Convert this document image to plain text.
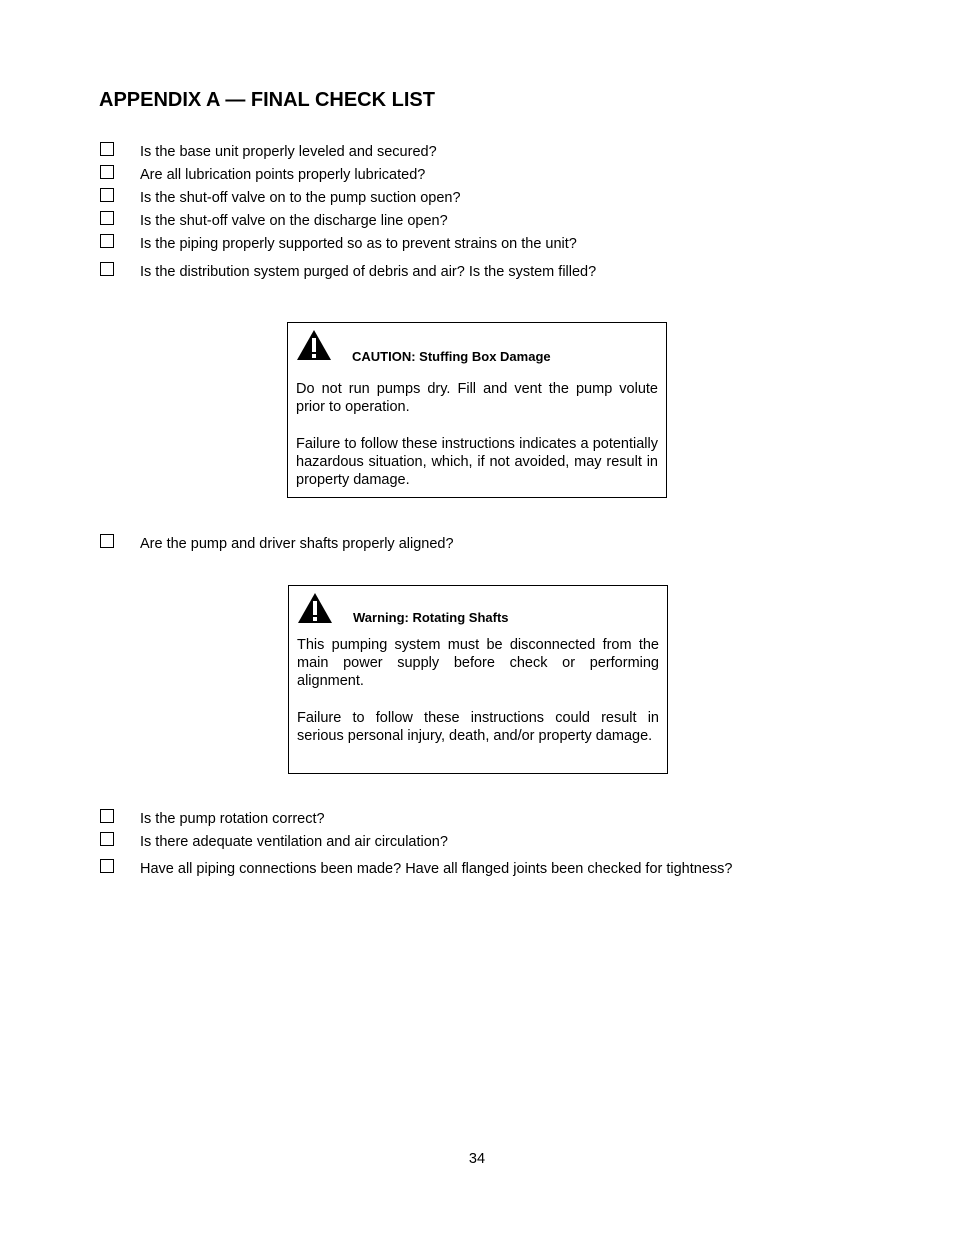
APPENDIX A — FINAL CHECK LIST
Is the base unit properly leveled and secured?
Are all lubrication points properly lubricated?
Is the shut-off valve on to the pump suction open?
Is the shut-off valve on the discharge line open?
Is the piping properly supported so as to prevent strains on the unit?
Is the distribution system purged of debris and air? Is the system filled?
CAUTION: Stuffing Box Damage
Do not run pumps dry. Fill and vent the pump volute prior to operation.
Failure to follow these instructions indicates a potentially hazardous situation, which, if not avoided, may result in property damage.
Are the pump and driver shafts properly aligned?
Warning: Rotating Shafts
This pumping system must be disconnected from the main power supply before check or performing alignment.
Failure to follow these instructions could result in serious personal injury, death, and/or property damage.
Is the pump rotation correct?
Is there adequate ventilation and air circulation?
Have all piping connections been made? Have all flanged joints been checked for tightness?
34
